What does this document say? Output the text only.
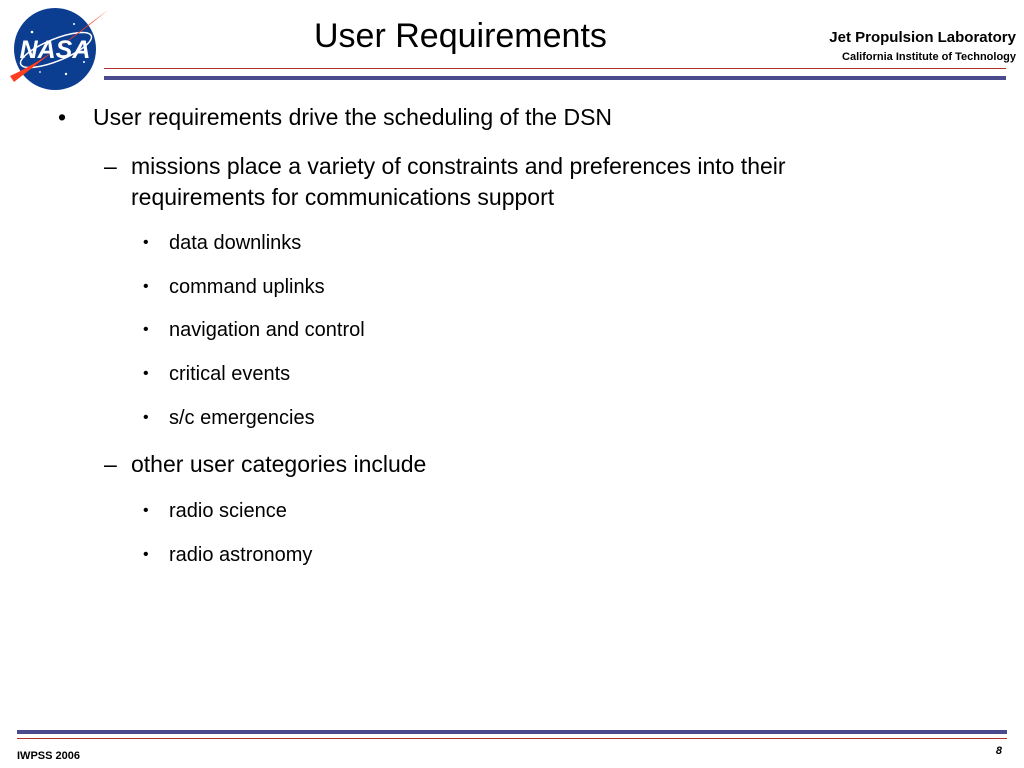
NASA	User Requirements	Jet Propulsion Laboratory
California Institute of Technology
• User requirements drive the scheduling of the DSN
– missions place a variety of constraints and preferences into their
requirements for communications support
• data downlinks
• command uplinks
• navigation and control
• critical events
• s/c emergencies
– other user categories include
• radio science
• radio astronomy
IWPSS 2006	8
